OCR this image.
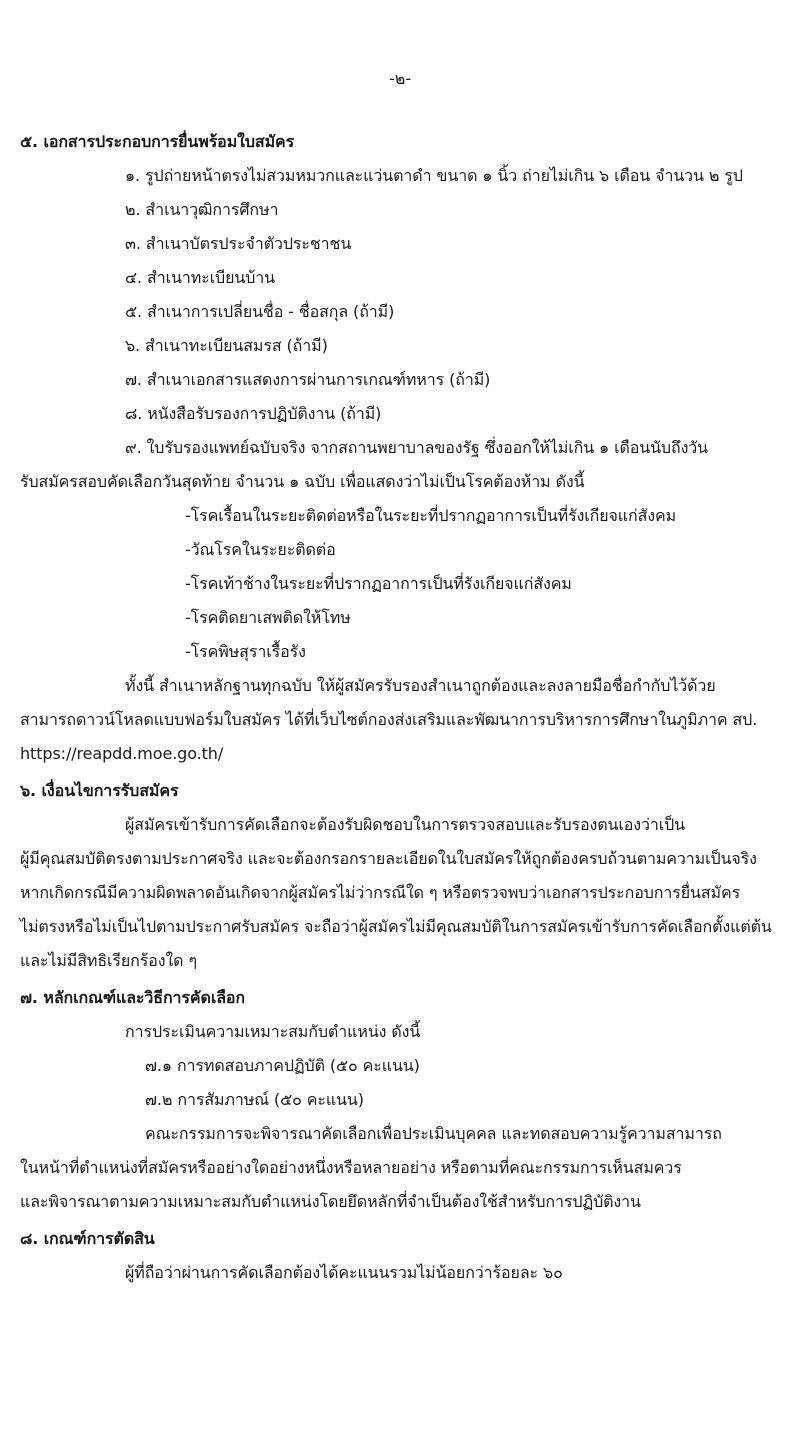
-๒-
๕. เอกสารประกอบการยื่นพร้อมใบสมัคร
๑. รูปถ่ายหน้าตรงไม่สวมหมวกและแว่นตาดำ ขนาด ๑ นิ้ว ถ่ายไม่เกิน ๖ เดือน จำนวน ๒ รูป
๒. สำเนาวุฒิการศึกษา
๓. สำเนาบัตรประจำตัวประชาชน
๔. สำเนาทะเบียนบ้าน
๕. สำเนาการเปลี่ยนชื่อ - ชื่อสกุล (ถ้ามี)
๖. สำเนาทะเบียนสมรส (ถ้ามี)
๗. สำเนาเอกสารแสดงการผ่านการเกณฑ์ทหาร (ถ้ามี)
๘. หนังสือรับรองการปฏิบัติงาน (ถ้ามี)
๙. ใบรับรองแพทย์ฉบับจริง จากสถานพยาบาลของรัฐ ซึ่งออกให้ไม่เกิน ๑ เดือนนับถึงวัน
รับสมัครสอบคัดเลือกวันสุดท้าย จำนวน ๑ ฉบับ เพื่อแสดงว่าไม่เป็นโรคต้องห้าม ดังนี้
-โรคเรื้อนในระยะติดต่อหรือในระยะที่ปรากฏอาการเป็นที่รังเกียจแก่สังคม
-วัณโรคในระยะติดต่อ
-โรคเท้าช้างในระยะที่ปรากฏอาการเป็นที่รังเกียจแก่สังคม
-โรคติดยาเสพติดให้โทษ
-โรคพิษสุราเรื้อรัง
ทั้งนี้ สำเนาหลักฐานทุกฉบับ ให้ผู้สมัครรับรองสำเนาถูกต้องและลงลายมือชื่อกำกับไว้ด้วย
สามารถดาวน์โหลดแบบฟอร์มใบสมัคร ได้ที่เว็บไซต์กองส่งเสริมและพัฒนาการบริหารการศึกษาในภูมิภาค สป.
https://reapdd.moe.go.th/
๖. เงื่อนไขการรับสมัคร
ผู้สมัครเข้ารับการคัดเลือกจะต้องรับผิดชอบในการตรวจสอบและรับรองตนเองว่าเป็น
ผู้มีคุณสมบัติตรงตามประกาศจริง และจะต้องกรอกรายละเอียดในใบสมัครให้ถูกต้องครบถ้วนตามความเป็นจริง
หากเกิดกรณีมีความผิดพลาดอันเกิดจากผู้สมัครไม่ว่ากรณีใด ๆ หรือตรวจพบว่าเอกสารประกอบการยื่นสมัคร
ไม่ตรงหรือไม่เป็นไปตามประกาศรับสมัคร จะถือว่าผู้สมัครไม่มีคุณสมบัติในการสมัครเข้ารับการคัดเลือกตั้งแต่ต้น
และไม่มีสิทธิเรียกร้องใด ๆ
๗. หลักเกณฑ์และวิธีการคัดเลือก
การประเมินความเหมาะสมกับตำแหน่ง ดังนี้
๗.๑ การทดสอบภาคปฏิบัติ (๕๐ คะแนน)
๗.๒ การสัมภาษณ์ (๕๐ คะแนน)
คณะกรรมการจะพิจารณาคัดเลือกเพื่อประเมินบุคคล และทดสอบความรู้ความสามารถ
ในหน้าที่ตำแหน่งที่สมัครหรืออย่างใดอย่างหนึ่งหรือหลายอย่าง หรือตามที่คณะกรรมการเห็นสมควร
และพิจารณาตามความเหมาะสมกับตำแหน่งโดยยึดหลักที่จำเป็นต้องใช้สำหรับการปฏิบัติงาน
๘. เกณฑ์การตัดสิน
ผู้ที่ถือว่าผ่านการคัดเลือกต้องได้คะแนนรวมไม่น้อยกว่าร้อยละ ๖๐
